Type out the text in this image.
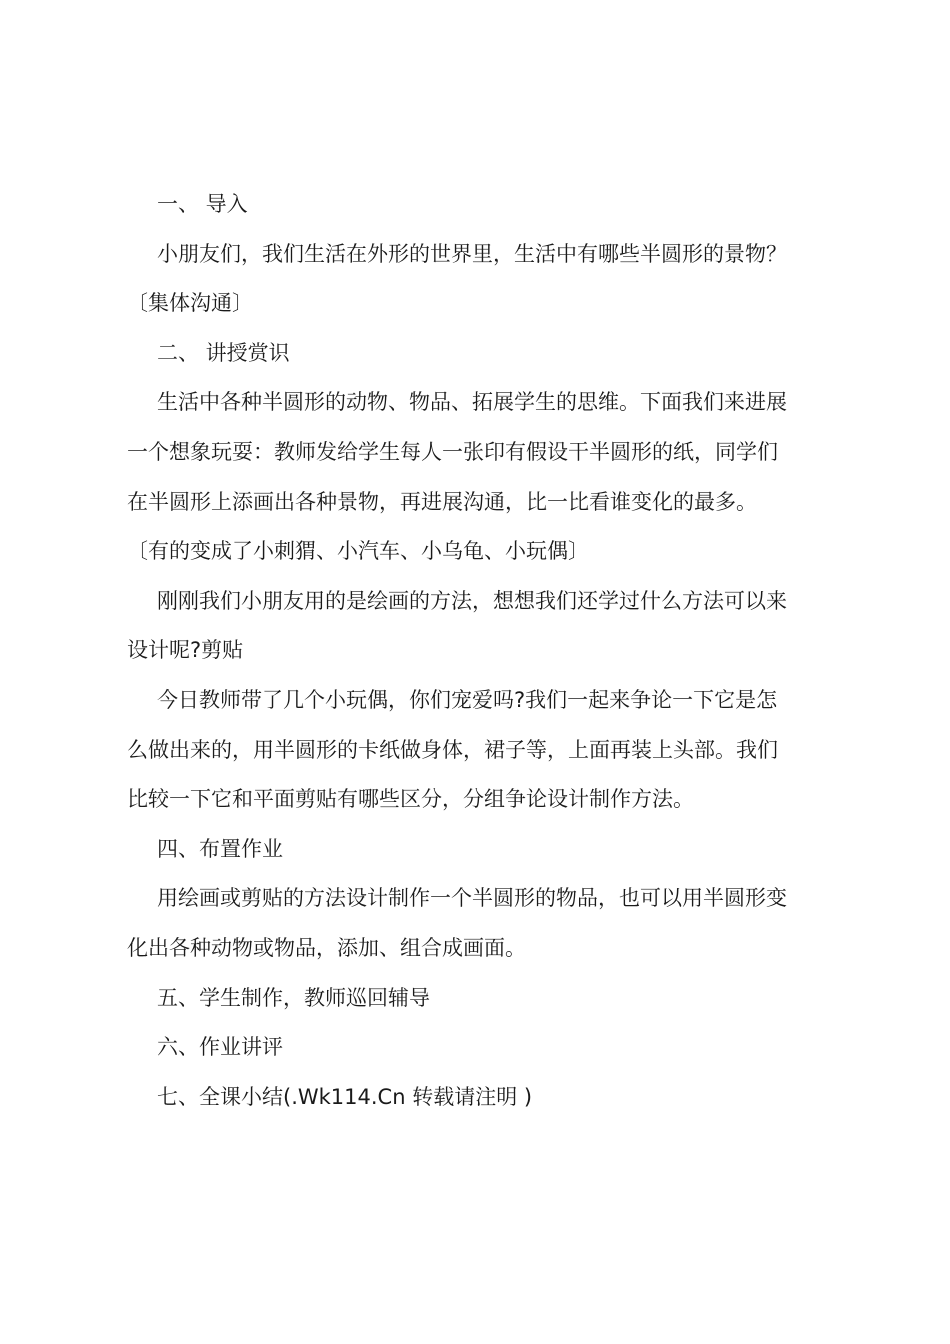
一、 导入
小朋友们，我们生活在外形的世界里，生活中有哪些半圆形的景物？
〔集体沟通〕
二、 讲授赏识
生活中各种半圆形的动物、物品、拓展学生的思维。下面我们来进展
一个想象玩耍：教师发给学生每人一张印有假设干半圆形的纸，同学们
在半圆形上添画出各种景物，再进展沟通，比一比看谁变化的最多。
〔有的变成了小刺猬、小汽车、小乌龟、小玩偶〕
刚刚我们小朋友用的是绘画的方法，想想我们还学过什么方法可以来
设计呢?剪贴
今日教师带了几个小玩偶，你们宠爱吗?我们一起来争论一下它是怎
么做出来的，用半圆形的卡纸做身体，裙子等，上面再装上头部。我们
比较一下它和平面剪贴有哪些区分，分组争论设计制作方法。
四、布置作业
用绘画或剪贴的方法设计制作一个半圆形的物品，也可以用半圆形变
化出各种动物或物品，添加、组合成画面。
五、学生制作，教师巡回辅导
六、作业讲评
七、全课小结(.Wk114.Cn 转载请注明 )
